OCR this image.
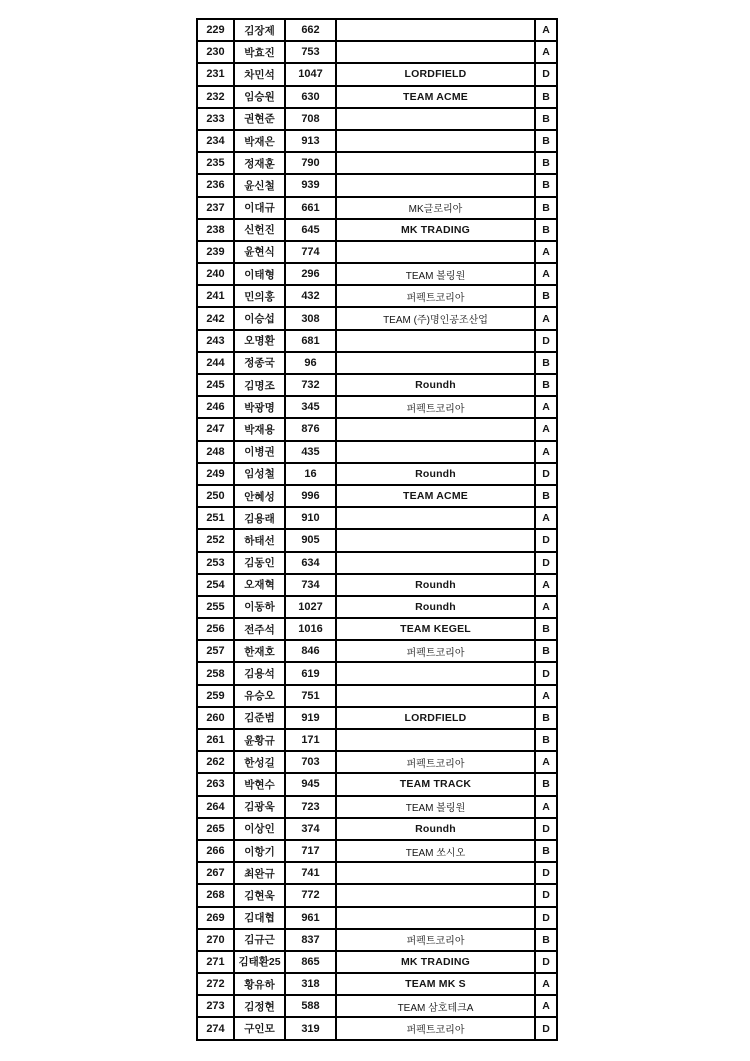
229	김장제	662		A
230	박효진	753		A
231	차민석	1047	LORDFIELD	D
232	임승원	630	TEAM ACME	B
233	권현준	708		B
234	박재은	913		B
235	정재훈	790		B
236	윤신철	939		B
237	이대규	661	MK글로리아	B
238	신헌진	645	MK TRADING	B
239	윤현식	774		A
240	이태형	296	TEAM 볼링원	A
241	민의홍	432	퍼펙트코리아	B
242	이승섭	308	TEAM (주)명인공조산업	A
243	오명환	681		D
244	정종국	96		B
245	김명조	732	Roundh	B
246	박광명	345	퍼펙트코리아	A
247	박재용	876		A
248	이병권	435		A
249	임성철	16	Roundh	D
250	안혜성	996	TEAM ACME	B
251	김용래	910		A
252	하태선	905		D
253	김동인	634		D
254	오재혁	734	Roundh	A
255	이동하	1027	Roundh	A
256	전주석	1016	TEAM KEGEL	B
257	한재호	846	퍼펙트코리아	B
258	김용석	619		D
259	유승오	751		A
260	김준범	919	LORDFIELD	B
261	윤황규	171		B
262	한성길	703	퍼펙트코리아	A
263	박현수	945	TEAM TRACK	B
264	김광욱	723	TEAM 볼링원	A
265	이상인	374	Roundh	D
266	이항기	717	TEAM 쏘시오	B
267	최완규	741		D
268	김현욱	772		D
269	김대협	961		D
270	김규근	837	퍼펙트코리아	B
271	김태환25	865	MK TRADING	D
272	황유하	318	TEAM MK S	A
273	김정현	588	TEAM 삼호테크A	A
274	구인모	319	퍼펙트코리아	D
